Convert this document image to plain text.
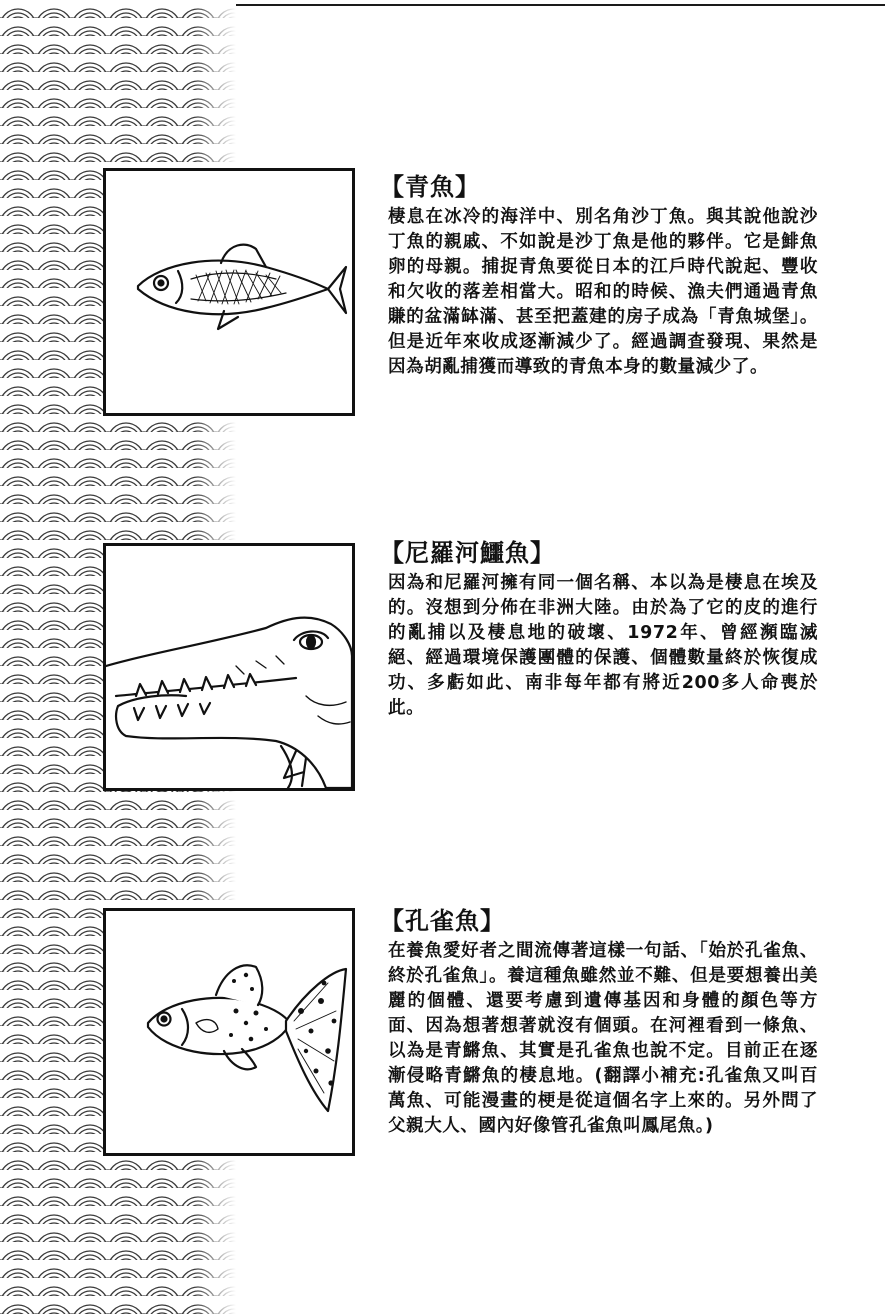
【青魚】
棲息在冰冷的海洋中、別名角沙丁魚。與其說他說沙丁魚的親戚、不如說是沙丁魚是他的夥伴。它是鯡魚卵的母親。捕捉青魚要從日本的江戶時代說起、豐收和欠收的落差相當大。昭和的時候、漁夫們通過青魚賺的盆滿缽滿、甚至把蓋建的房子成為「青魚城堡」。但是近年來收成逐漸減少了。經過調查發現、果然是因為胡亂捕獲而導致的青魚本身的數量減少了。
【尼羅河鱷魚】
因為和尼羅河擁有同一個名稱、本以為是棲息在埃及的。沒想到分佈在非洲大陸。由於為了它的皮的進行的亂捕以及棲息地的破壞、1972年、曾經瀕臨滅絕、經過環境保護團體的保護、個體數量終於恢復成功、多虧如此、南非每年都有將近200多人命喪於此。
【孔雀魚】
在養魚愛好者之間流傳著這樣一句話、「始於孔雀魚、終於孔雀魚」。養這種魚雖然並不難、但是要想養出美麗的個體、還要考慮到遺傳基因和身體的顏色等方面、因為想著想著就沒有個頭。在河裡看到一條魚、以為是青鱂魚、其實是孔雀魚也說不定。目前正在逐漸侵略青鱂魚的棲息地。(翻譯小補充:孔雀魚又叫百萬魚、可能漫畫的梗是從這個名字上來的。另外問了父親大人、國內好像管孔雀魚叫鳳尾魚。)
